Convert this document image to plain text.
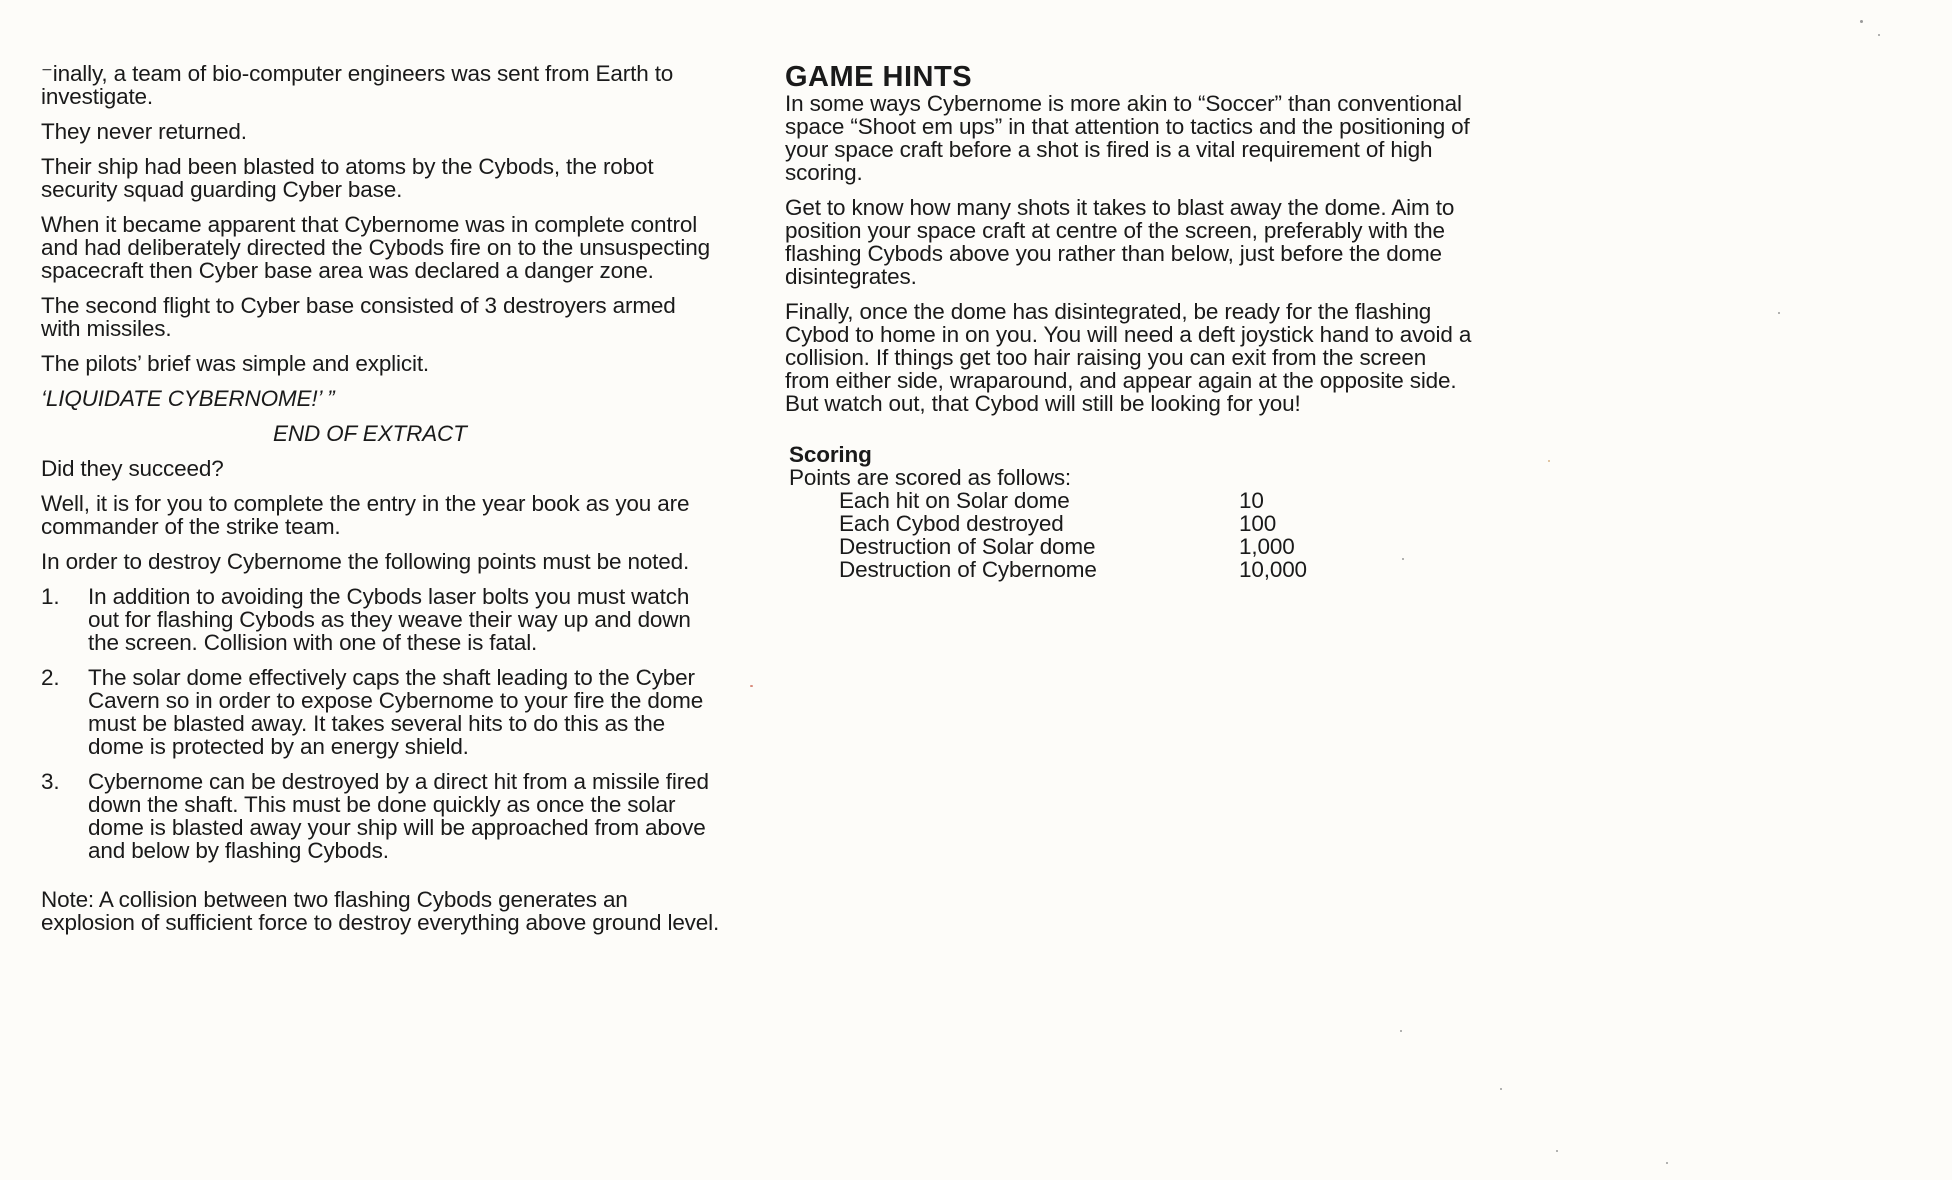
⁻inally, a team of bio-computer engineers was sent from Earth to investigate.

They never returned.

Their ship had been blasted to atoms by the Cybods, the robot security squad guarding Cyber base.

When it became apparent that Cybernome was in complete control and had deliberately directed the Cybods fire on to the unsuspecting spacecraft then Cyber base area was declared a danger zone.

The second flight to Cyber base consisted of 3 destroyers armed with missiles.

The pilots’ brief was simple and explicit.

‘LIQUIDATE CYBERNOME!’ ”

END OF EXTRACT

Did they succeed?

Well, it is for you to complete the entry in the year book as you are commander of the strike team.

In order to destroy Cybernome the following points must be noted.

1.	In addition to avoiding the Cybods laser bolts you must watch out for flashing Cybods as they weave their way up and down the screen. Collision with one of these is fatal.
2.	The solar dome effectively caps the shaft leading to the Cyber Cavern so in order to expose Cybernome to your fire the dome must be blasted away. It takes several hits to do this as the dome is protected by an energy shield.
3.	Cybernome can be destroyed by a direct hit from a missile fired down the shaft. This must be done quickly as once the solar dome is blasted away your ship will be approached from above and below by flashing Cybods.

Note: A collision between two flashing Cybods generates an explosion of sufficient force to destroy everything above ground level.

GAME HINTS

In some ways Cybernome is more akin to “Soccer” than conventional space “Shoot em ups” in that attention to tactics and the positioning of your space craft before a shot is fired is a vital requirement of high scoring.

Get to know how many shots it takes to blast away the dome. Aim to position your space craft at centre of the screen, preferably with the flashing Cybods above you rather than below, just before the dome disintegrates.

Finally, once the dome has disintegrated, be ready for the flashing Cybod to home in on you. You will need a deft joystick hand to avoid a collision. If things get too hair raising you can exit from the screen from either side, wraparound, and appear again at the opposite side. But watch out, that Cybod will still be looking for you!

Scoring
Points are scored as follows:
Each hit on Solar dome	10
Each Cybod destroyed	100
Destruction of Solar dome	1,000
Destruction of Cybernome	10,000
